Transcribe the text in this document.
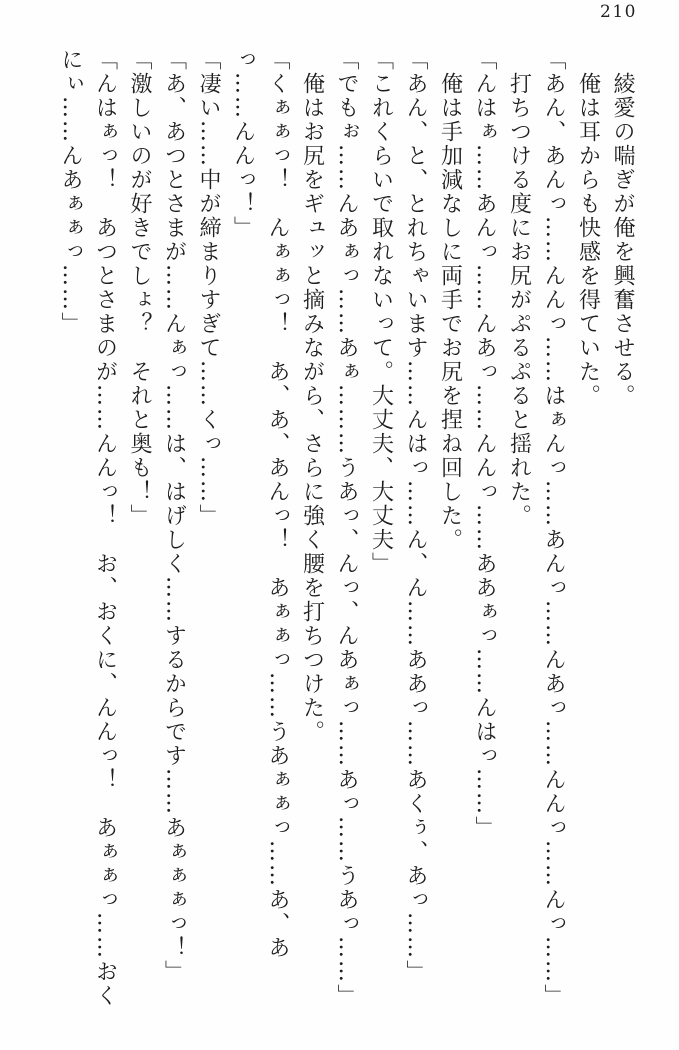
210
　綾愛の喘ぎが俺を興奮させる。
　俺は耳からも快感を得ていた。
「あん、あんっ……んんっ……はぁんっ……あんっ……んあっ……んんっ……んっ……」
　打ちつける度にお尻がぷるぷると揺れた。
「んはぁ……あんっ……んあっ……んんっ……ああぁっ……んはっ……」
　俺は手加減なしに両手でお尻を捏ね回した。
「あん、と、とれちゃいます……んはっ……ん、ん……ああっ……あくぅ、あっ……」
「これくらいで取れないって。大丈夫、大丈夫」
「でもぉ……んあぁっ……あぁ………うあっ、んっ、んあぁっ……あっ……うあっ……」
　俺はお尻をギュッと摘みながら、さらに強く腰を打ちつけた。
「くぁぁっ！　んぁぁっ！　あ、あ、あんっ！　あぁぁっ……うあぁぁっ……あ、あ
っ……んんっ！」
「凄い……中が締まりすぎて……くっ……」
「あ、あつとさまが……んぁっ……は、はげしく……するからです……あぁぁぁっ！」
「激しいのが好きでしょ？　それと奥も！」
「んはぁっ！　あつとさまのが……んんっ！　お、おくに、んんっ！　あぁぁっ……おく
にぃ……んあぁぁっ……」
